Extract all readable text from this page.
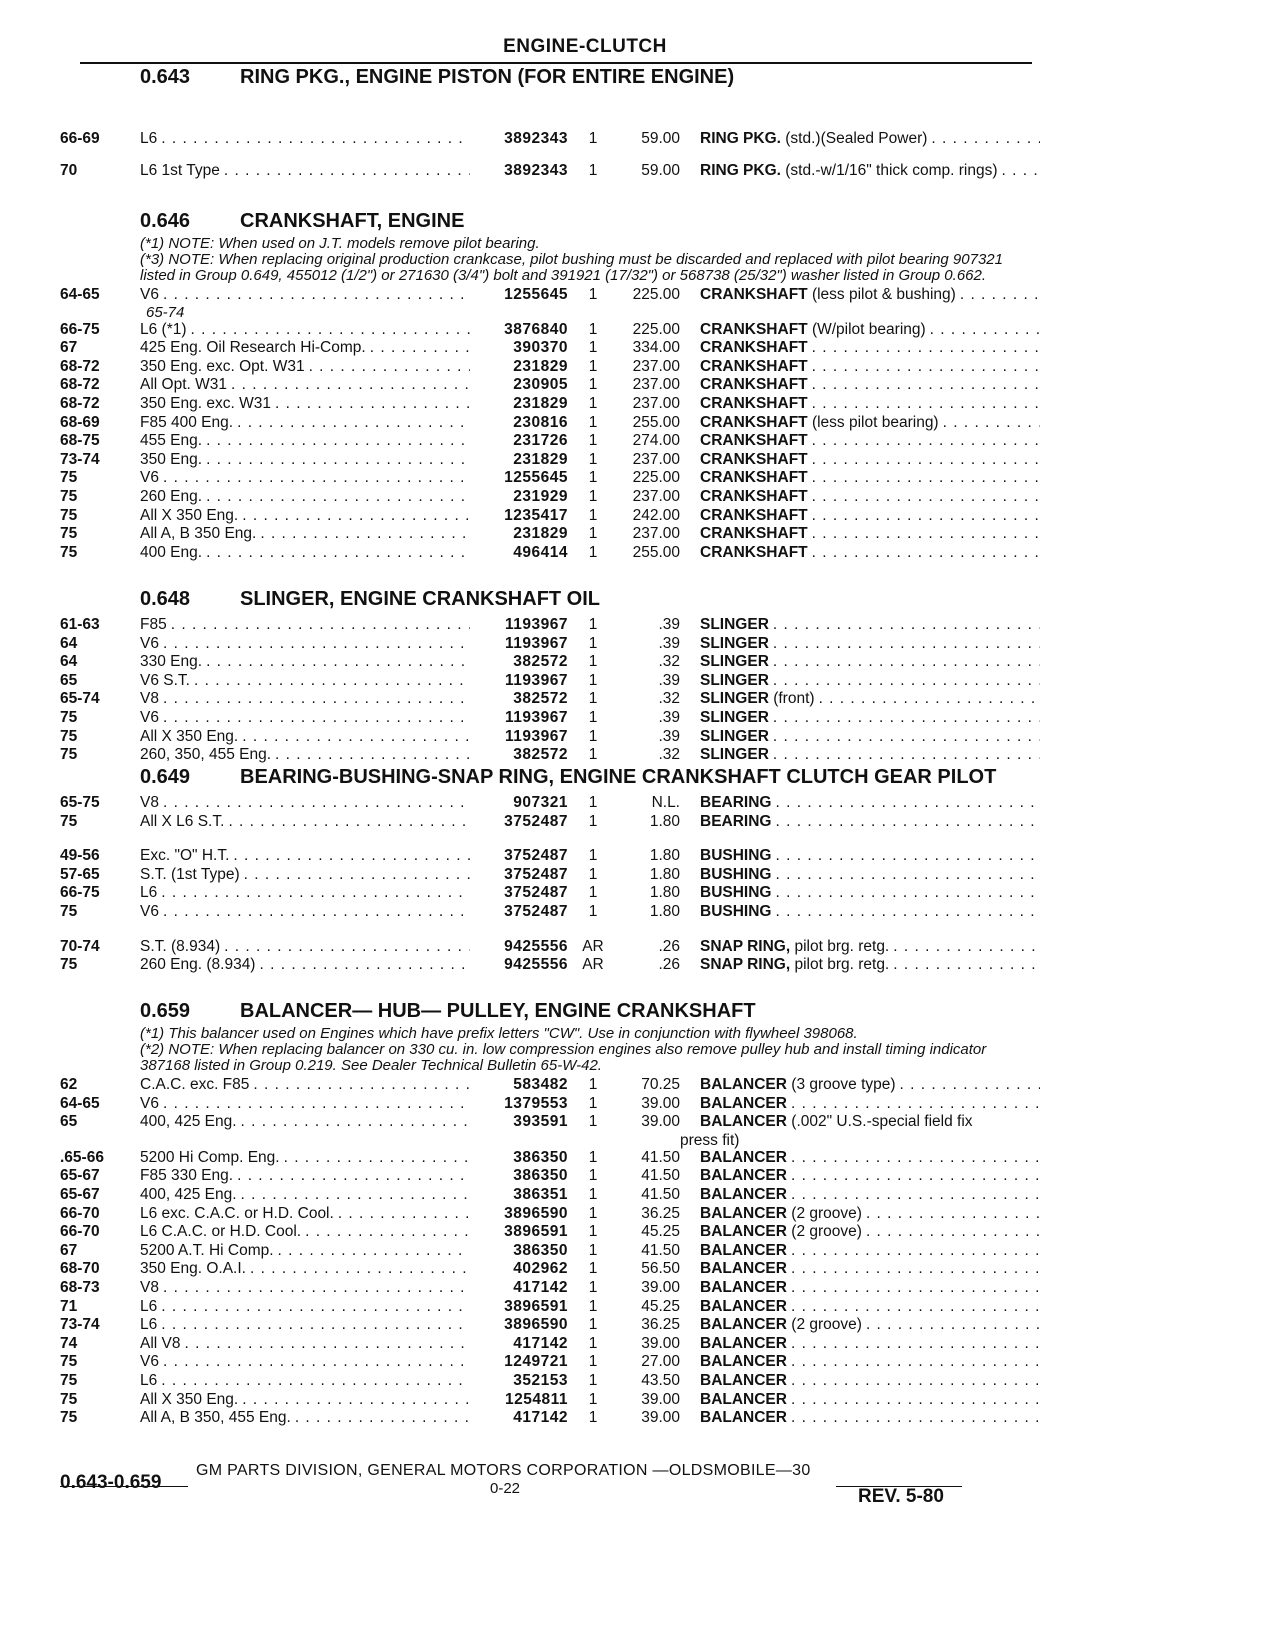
ENGINE-CLUTCH
0.643	RING PKG., ENGINE PISTON (FOR ENTIRE ENGINE)
66-69	L6 . . .	3892343	1	59.00 RING PKG. (std.)(Sealed Power)
. . .
70	L6 1st Type . . .	3892343	1	59.00 RING PKG. (std.-w/1/16" thick comp. rings)
. . .
0.646	CRANKSHAFT, ENGINE
(*1) NOTE: When used on J.T. models remove pilot bearing.
(*3) NOTE: When replacing original production crankcase, pilot bushing must be discarded and replaced with pilot bearing 907321 listed in Group 0.649, 455012 (1/2") or 271630 (3/4") bolt and 391921 (17/32") or 568738 (25/32") washer listed in Group 0.662.
64-65	V6 . . .	1255645	1	225.00 CRANKSHAFT (less pilot & bushing)
. . .
65-74
66-75	L6 (*1) . . .	3876840	1	225.00 CRANKSHAFT (W/pilot bearing)
. . .
67	425 Eng. Oil Research Hi-Comp. . . .	390370	1	334.00 CRANKSHAFT
. . .
68-72	350 Eng. exc. Opt. W31 . . .	231829	1	237.00 CRANKSHAFT
. . .
68-72	All Opt. W31 . . .	230905	1	237.00 CRANKSHAFT
. . .
68-72	350 Eng. exc. W31 . . .	231829	1	237.00 CRANKSHAFT
. . .
68-69	F85 400 Eng. . . .	230816	1	255.00 CRANKSHAFT (less pilot bearing)
. . .
68-75	455 Eng. . . .	231726	1	274.00 CRANKSHAFT
. . .
73-74	350 Eng. . . .	231829	1	237.00 CRANKSHAFT
. . .
75	V6 . . .	1255645	1	225.00 CRANKSHAFT
. . .
75	260 Eng. . . .	231929	1	237.00 CRANKSHAFT
. . .
75	All X 350 Eng. . . .	1235417	1	242.00 CRANKSHAFT
. . .
75	All A, B 350 Eng. . . .	231829	1	237.00 CRANKSHAFT
. . .
75	400 Eng. . . .	496414	1	255.00 CRANKSHAFT
. . .
0.648	SLINGER, ENGINE CRANKSHAFT OIL
61-63	F85 . . .	1193967	1	.39 SLINGER
. . .
64	V6 . . .	1193967	1	.39 SLINGER
. . .
64	330 Eng. . . .	382572	1	.32 SLINGER
. . .
65	V6 S.T. . . .	1193967	1	.39 SLINGER
. . .
65-74	V8 . . .	382572	1	.32 SLINGER (front)
. . .
75	V6 . . .	1193967	1	.39 SLINGER
. . .
75	All X 350 Eng. . . .	1193967	1	.39 SLINGER
. . .
75	260, 350, 455 Eng. . . .	382572	1	.32 SLINGER
. . .
0.649	BEARING-BUSHING-SNAP RING, ENGINE CRANKSHAFT CLUTCH GEAR PILOT
65-75	V8 . . .	907321	1	N.L. BEARING
. . .
75	All X L6 S.T. . . .	3752487	1	1.80 BEARING
. . .
49-56	Exc. "O" H.T. . . .	3752487	1	1.80 BUSHING
. . .
57-65	S.T. (1st Type) . . .	3752487	1	1.80 BUSHING
. . .
66-75	L6 . . .	3752487	1	1.80 BUSHING
. . .
75	V6 . . .	3752487	1	1.80 BUSHING
. . .
70-74	S.T. (8.934) . . .	9425556 AR	.26 SNAP RING, pilot brg. retg.
. . .
75	260 Eng. (8.934) . . .	9425556 AR	.26 SNAP RING, pilot brg. retg.
. . .
0.659	BALANCER— HUB— PULLEY, ENGINE CRANKSHAFT
(*1) This balancer used on Engines which have prefix letters "CW". Use in conjunction with flywheel 398068.
(*2) NOTE: When replacing balancer on 330 cu. in. low compression engines also remove pulley hub and install timing indicator 387168 listed in Group 0.219. See Dealer Technical Bulletin 65-W-42.
62	C.A.C. exc. F85 . . .	583482	1	70.25 BALANCER (3 groove type)
. . .
64-65	V6 . . .	1379553	1	39.00 BALANCER
. . .
65	400, 425 Eng. . . .	393591	1	39.00 BALANCER (.002" U.S.-special field fix
press fit)
.65-66	5200 Hi Comp. Eng. . . .	386350	1	41.50 BALANCER
. . .
65-67	F85 330 Eng. . . .	386350	1	41.50 BALANCER
. . .
65-67	400, 425 Eng. . . .	386351	1	41.50 BALANCER
. . .
66-70	L6 exc. C.A.C. or H.D. Cool. . . .	3896590	1	36.25 BALANCER (2 groove)
. . .
66-70	L6 C.A.C. or H.D. Cool. . . .	3896591	1	45.25 BALANCER (2 groove)
. . .
67	5200 A.T. Hi Comp. . . .	386350	1	41.50 BALANCER
. . .
68-70	350 Eng. O.A.I. . . .	402962	1	56.50 BALANCER
. . .
68-73	V8 . . .	417142	1	39.00 BALANCER
. . .
71	L6 . . .	3896591	1	45.25 BALANCER
. . .
73-74	L6 . . .	3896590	1	36.25 BALANCER (2 groove)
. . .
74	All V8 . . .	417142	1	39.00 BALANCER
. . .
75	V6 . . .	1249721	1	27.00 BALANCER
. . .
75	L6 . . .	352153	1	43.50 BALANCER
. . .
75	All X 350 Eng. . . .	1254811	1	39.00 BALANCER
. . .
75	All A, B 350, 455 Eng. . . .	417142	1	39.00 BALANCER
. . .
GM PARTS DIVISION, GENERAL MOTORS CORPORATION —OLDSMOBILE—30
0.643-0.659	0-22	REV. 5-80
